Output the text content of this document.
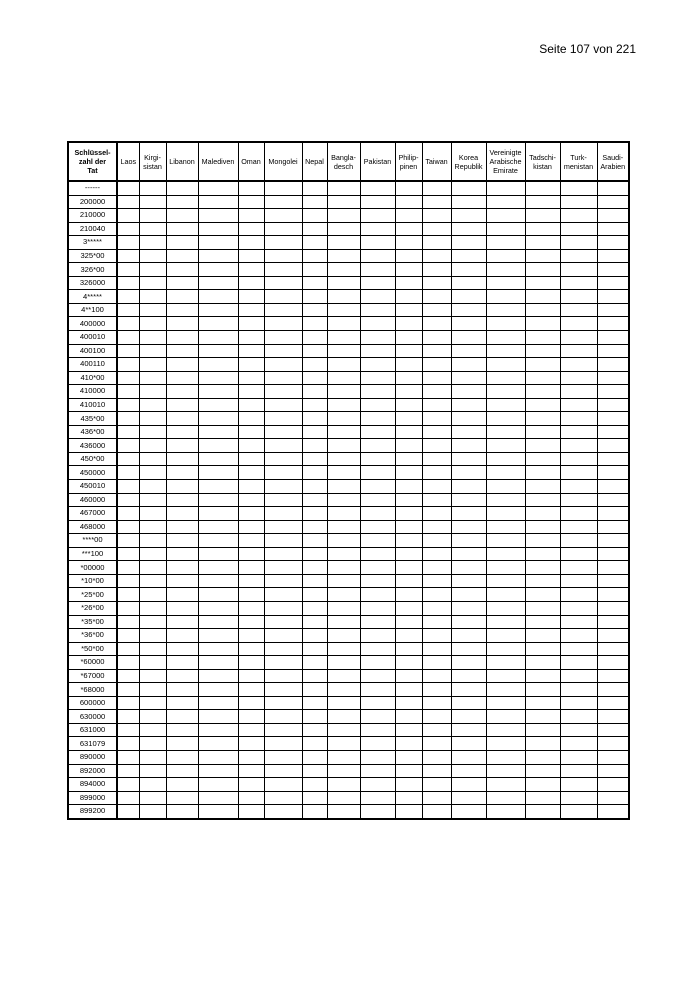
Seite 107 von 221
Schlüssel-
zahl der
Tat	Laos	Kirgi-
sistan	Libanon	Malediven	Oman	Mongolei	Nepal	Bangla-
desch	Pakistan	Philip-
pinen	Taiwan	Korea
Republik	Vereinigte
Arabische
Emirate	Tadschi-
kistan	Turk-
menistan	Saudi-
Arabien
------																
200000																
210000																
210040																
3*****																
325*00																
326*00																
326000																
4*****																
4**100																
400000																
400010																
400100																
400110																
410*00																
410000																
410010																
435*00																
436*00																
436000																
450*00																
450000																
450010																
460000																
467000																
468000																
****00																
***100																
*00000																
*10*00																
*25*00																
*26*00																
*35*00																
*36*00																
*50*00																
*60000																
*67000																
*68000																
600000																
630000																
631000																
631079																
890000																
892000																
894000																
899000																
899200																
